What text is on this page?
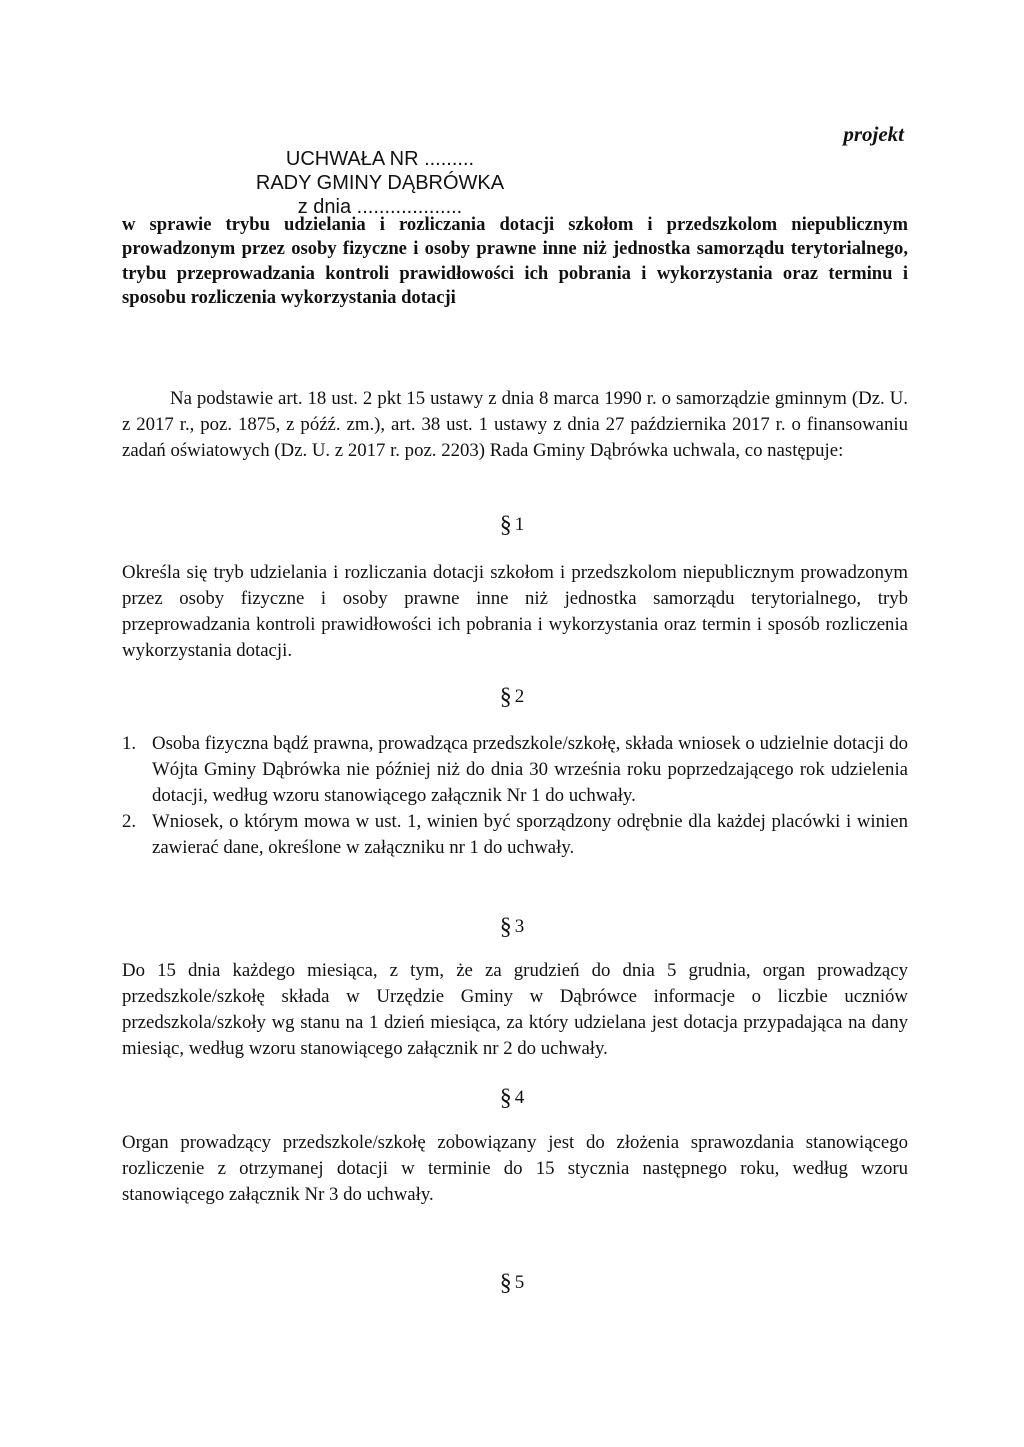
projekt
UCHWAŁA NR .........
RADY GMINY DĄBRÓWKA
z dnia ...................
w sprawie trybu udzielania i rozliczania dotacji szkołom i przedszkolom niepublicznym prowadzonym przez osoby fizyczne i osoby prawne inne niż jednostka samorządu terytorialnego, trybu przeprowadzania kontroli prawidłowości ich pobrania i wykorzystania oraz terminu i sposobu rozliczenia wykorzystania dotacji
Na podstawie art. 18 ust. 2 pkt 15 ustawy z dnia 8 marca 1990 r. o samorządzie gminnym (Dz. U. z 2017 r., poz. 1875, z późź. zm.), art. 38 ust. 1 ustawy z dnia 27 października 2017 r. o finansowaniu zadań oświatowych (Dz. U. z 2017 r. poz. 2203) Rada Gminy Dąbrówka uchwala, co następuje:
§ 1
Określa się tryb udzielania i rozliczania dotacji szkołom i przedszkolom niepublicznym prowadzonym przez osoby fizyczne i osoby prawne inne niż jednostka samorządu terytorialnego, tryb przeprowadzania kontroli prawidłowości ich pobrania i wykorzystania oraz termin i sposób rozliczenia wykorzystania dotacji.
§ 2
1. Osoba fizyczna bądź prawna, prowadząca przedszkole/szkołę, składa wniosek o udzielnie dotacji do Wójta Gminy Dąbrówka nie później niż do dnia 30 września roku poprzedzającego rok udzielenia dotacji, według wzoru stanowiącego załącznik Nr 1 do uchwały.
2. Wniosek, o którym mowa w ust. 1, winien być sporządzony odrębnie dla każdej placówki i winien zawierać dane, określone w załączniku nr 1 do uchwały.
§ 3
Do 15 dnia każdego miesiąca, z tym, że za grudzień do dnia 5 grudnia, organ prowadzący przedszkole/szkołę składa w Urzędzie Gminy w Dąbrówce informacje o liczbie uczniów przedszkola/szkoły wg stanu na 1 dzień miesiąca, za który udzielana jest dotacja przypadająca na dany miesiąc, według wzoru stanowiącego załącznik nr 2 do uchwały.
§ 4
Organ prowadzący przedszkole/szkołę zobowiązany jest do złożenia sprawozdania stanowiącego rozliczenie z otrzymanej dotacji w terminie do 15 stycznia następnego roku, według wzoru stanowiącego załącznik Nr 3 do uchwały.
§ 5
